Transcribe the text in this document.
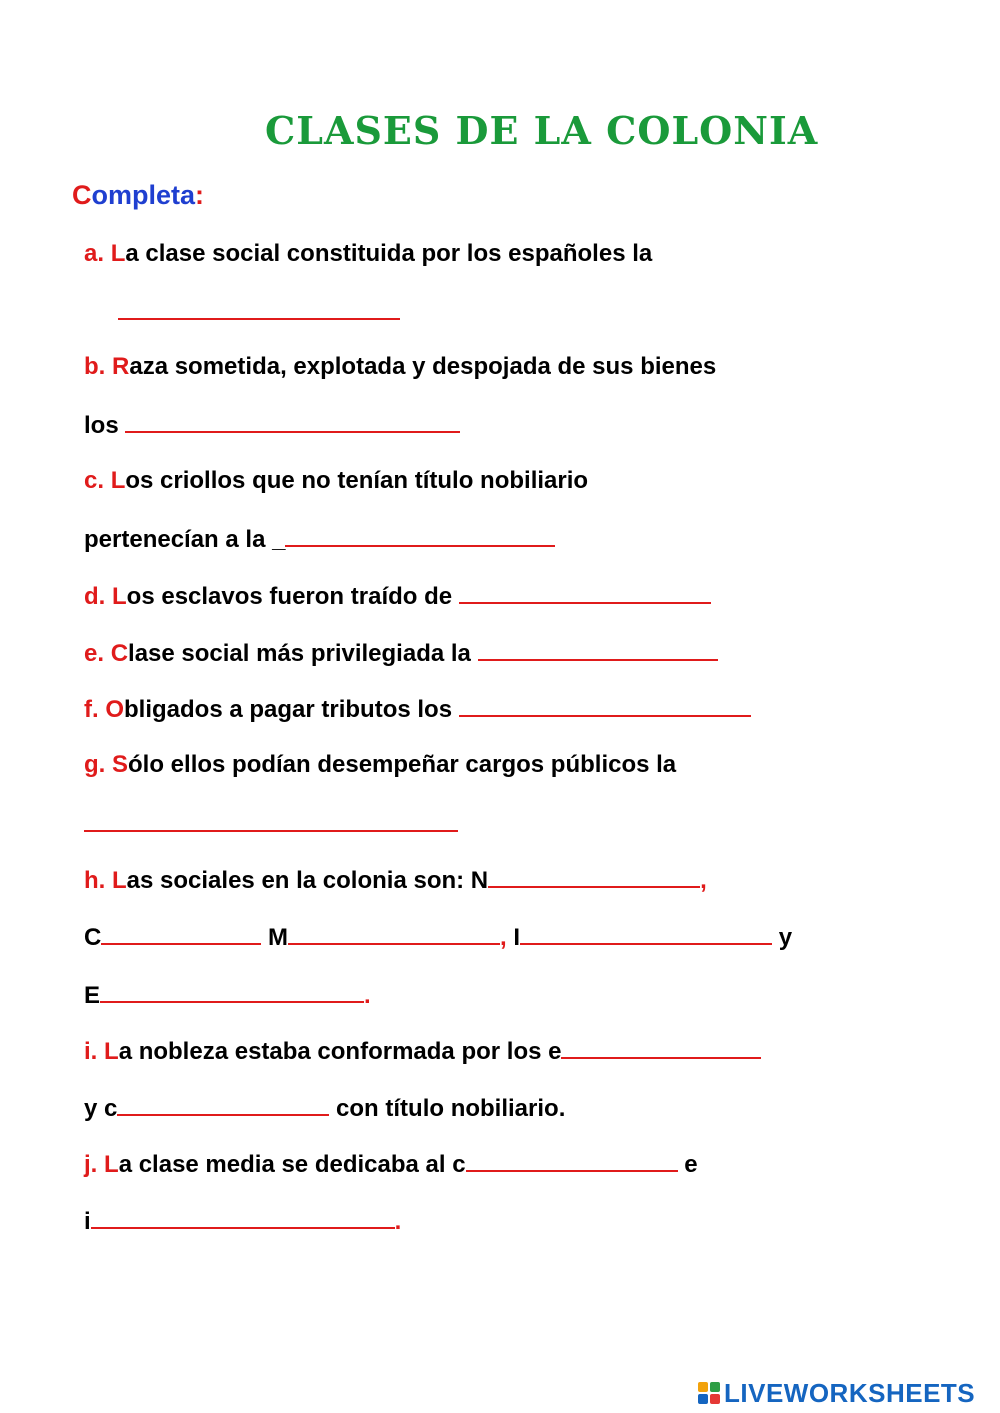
CLASES DE LA COLONIA
Completa:
a. La clase social constituida por los españoles la
b. Raza sometida, explotada y despojada de sus bienes
los
c. Los criollos que no tenían título nobiliario
pertenecían a la _
d. Los esclavos fueron traído de
e. Clase social más privilegiada la
f. Obligados a pagar tributos los
g. Sólo ellos podían desempeñar cargos públicos la
h. Las sociales en la colonia son: N	,
C	M	, I	y
E	.
i. La nobleza estaba conformada por los e
y c	con título nobiliario.
j. La clase media se dedicaba al c	e
i	.
LIVEWORKSHEETS
